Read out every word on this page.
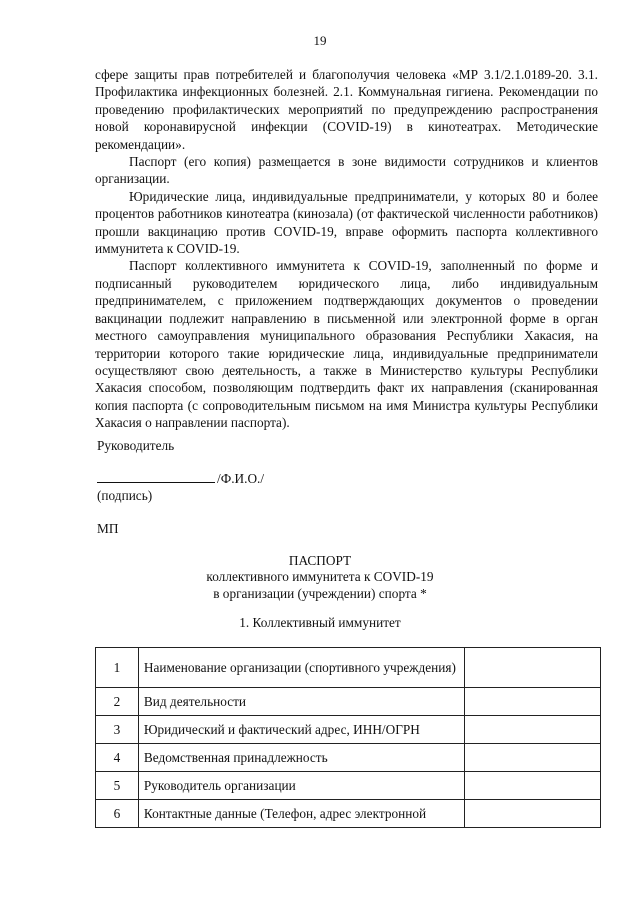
19

сфере защиты прав потребителей и благополучия человека «МР 3.1/2.1.0189-20. 3.1. Профилактика инфекционных болезней. 2.1. Коммунальная гигиена. Рекомендации по проведению профилактических мероприятий по предупреждению распространения новой коронавирусной инфекции (COVID-19) в кинотеатрах. Методические рекомендации».

Паспорт (его копия) размещается в зоне видимости сотрудников и клиентов организации.

Юридические лица, индивидуальные предприниматели, у которых 80 и более процентов работников кинотеатра (кинозала) (от фактической численности работников) прошли вакцинацию против COVID-19, вправе оформить паспорта коллективного иммунитета к COVID-19.

Паспорт коллективного иммунитета к COVID-19, заполненный по форме и подписанный руководителем юридического лица, либо индивидуальным предпринимателем, с приложением подтверждающих документов о проведении вакцинации подлежит направлению в письменной или электронной форме в орган местного самоуправления муниципального образования Республики Хакасия, на территории которого такие юридические лица, индивидуальные предприниматели осуществляют свою деятельность, а также в Министерство культуры Республики Хакасия способом, позволяющим подтвердить факт их направления (сканированная копия паспорта (с сопроводительным письмом на имя Министра культуры Республики Хакасия о направлении паспорта).

Руководитель
/Ф.И.О./
(подпись)
МП
ПАСПОРТ
коллективного иммунитета к COVID-19
в организации (учреждении) спорта *
1. Коллективный иммунитет
1	Наименование организации (спортивного учреждения)	
2	Вид деятельности	
3	Юридический и фактический адрес, ИНН/ОГРН	
4	Ведомственная принадлежность	
5	Руководитель организации	
6	Контактные данные (Телефон, адрес электронной	
